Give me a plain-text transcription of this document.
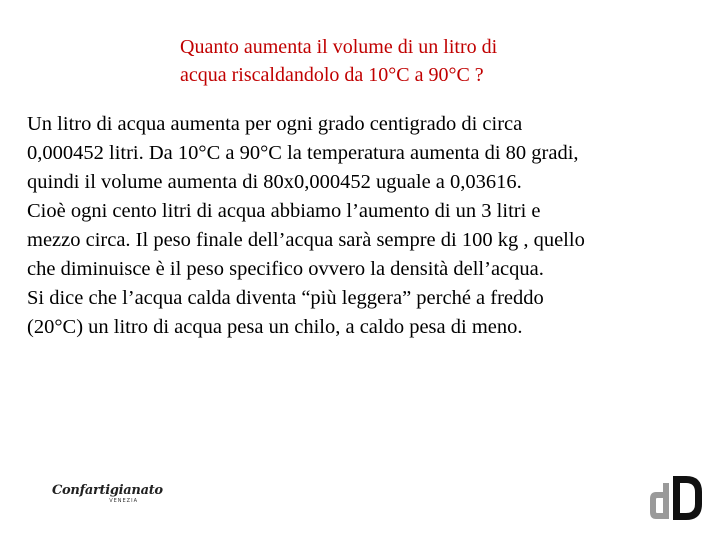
Quanto aumenta il volume di un litro di
acqua riscaldandolo da 10°C a 90°C ?
Un litro di acqua aumenta per ogni grado centigrado di circa
0,000452 litri. Da 10°C a 90°C la temperatura aumenta di 80 gradi,
quindi il volume aumenta di 80x0,000452 uguale a 0,03616.
Cioè ogni cento litri di acqua abbiamo l’aumento di un 3 litri e
mezzo circa. Il peso finale dell’acqua sarà sempre di 100 kg , quello
che diminuisce è il peso specifico ovvero la densità dell’acqua.
Si dice che l’acqua calda diventa “più leggera” perché a freddo
(20°C) un litro di acqua pesa un chilo, a caldo pesa di meno.
Confartigianato
VENEZIA
